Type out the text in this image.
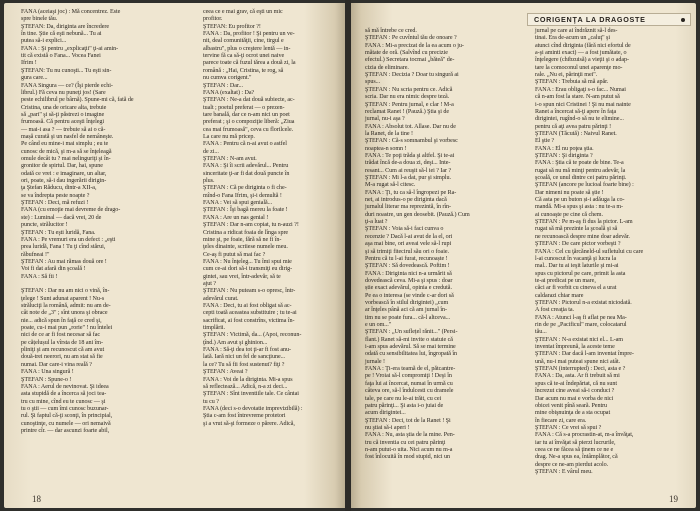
FANA (aceiaşi joc) : Mă concentrez. Este
spre binele tău.
ŞTEFAN: Da, diriginta are încredere
în tine. Ştie că eşti nebună... Tu ai
putea să-i explici...
FANA : Şi pentru „explicaţii" ţi-ai amin-
tit că există o Fana... Vocea Fanei
Ifrim !
ŞTEFAN: Tu nu cunoşti... Tu eşti sin-
gura care...
FANA Singura — ce? (Îşi pierde echi-
librul.) Fă ceva nu puneţi jos! (Sare
peste echilibrul pe bârnă). Spune-mi că, fată de
Cristina, una de oricare alta, trebuie
să „pari" şi să-ţi păstrezi o imagine
frumoasă. Că pentru aceşti înţelegi
— mai-i asa ? — trebuie să ai o că-
mașă curată şi un nasfel de nemâneşte.
Pe când eu mine-i mai simplu ; eu te
cunosc de mică, şi m-a să se înţeleagă
omule decât tu ? mai nelinguriţi şi în-
gronitor de spirtul. Dar, hai, spune
odată ce vrei : e imaginare, un altar,
ori, poate, să-i dau ingerării dirigin-
ţa Ştefan Răducu, dintr-a XII-a,
se va îndrepta peste noapte ?
ŞTEFAN : Deci, mă refuzi !
FANA (cu emoţie mai devreme de drago-
ste) : Luminal — dacă vrei, 20 de
puncte, strălucitor !
ŞTEFAN : Tu eşti luridă, Fana.
FANA : Pe vremuri era un defect : „eşti
prea luridă, Fana ! Tu ţi cînd stărui,
răbufneai !"
ŞTEFAN : Au mai rămas două ore !
Voi fi dat afară din şcoală !
FANA : Să fii !
ŞTEFAN : Dar nu am nici o vină, în-
ţelege ! Sunt adunat aparent ! Nu-s
străluciţi la română, admit: nu am de-
cât note de „3" ; sînt unora şi obrace
nie... adică spun în faţă ce cred şi,
poate, cu-i mai pun „rorie" ! nu întelei
nici de ce ar fi fost necesar să fac
pe cățelușul la vîrsta de 18 ani îm-
pliniţi şi am recunoscut că am avut
două-trei neerori, nu am stat să fie
numai. Dar care-i vina reală ?
FANA : Una singură !
ŞTEFAN : Spune-o !
FANA : Aerul de nevinovat. Şi ideea
asta stupidă de a încerca să joci tea-
tru cu mine, cînd eu te cunosc — şi
tu o ştii — cum îmi cunosc buzunar-
rul. Şi faptul că-ţi sconţi, în principial,
cunoştinţe, cu numele — ori nemaivă
printre cîr. — dar ascunzi foarte abil,
ceea ce e mai grav, că eşti un mic
profitor.
ŞTEFAN: Eu profitor ?!
FANA : Da, profitor ! Şi pentru un ve-
nit, deal comunităţii, cine, tirgul e
albastru", plus o creştere lentă — in-
tervine fă ca să-ţi ocrot unei naive
parece toate că fuzul tărea a două zi, la
română : „Hai, Cristina, te rog, să
nu cumva corigent."
ŞTEFAN : Dar...
FANA (exaltat) : Da?
ŞTEFAN : Ne-a dat două subiecte, ac-
tualt ; poetul preferat — o prezen-
tare banală, dar ce n-am nici un poet
preferat ; şi o compoziţie liberă: „Ziua
cea mai frumoasă", ceva cu florilcele.
La care nu mă pricep.
FANA : Pentru că n-ai avut o astfel
de zi...
ŞTEFAN : N-am avut.
FANA : Şi îi scrii adevărul... Pentru
sinceritate ţi-ar fi dat două puncte în
plus.
ŞTEFAN : Că pe diriginta o fi che-
mînd-o Fana Ifrim, şi-i demultă !
FANA : Vei să spui genială...
ŞTEFAN : Îşi bagă mereu la foate !
FANA : Are un nas genial !
ŞTEFAN : Dar n-am copiat, tu n-auzi ?!
Cristina a ridicat foaia de lînga spre
mine şi, pe foaie, fără să ne fi în-
ţeles dinainte, scriiese numele meu.
Ce-aş fi putut să mai fac ?
FANA : Nu înţeleg... Tu îmi spui mie
cum ce-ai dori să-i transmiţi eu dirig-
gintei, sau vrei, într-adevăr, să te
ajut ?
ŞTEFAN : Nu puteam s-o opresc, într-
adevărul curat.
FANA : Deci, tu ai fost obligat să ac-
cepti toată aceastea substituire ; tu te-ai
sacrificat, ai fost constrîns, victima în-
timplării.
ŞTEFAN : Victimă, da... (Apoi, reconun-
ţînd.) Am avut şi ghinion...
FANA : Să-ţi dea tot ţi-ar fi fost anu-
lată. Iară nici un fel de sancţiune...
la ce? Tu să fii fost sustenut? fiţi ?
ŞTEFAN : Aveai ?
FANA : Voi de la diriginta. Mi-a spus
să reflectează... Adică, n-a zi deci...
ŞTEFAN : Sînt inventiile tale. Ce cântai
tu cu ?
FANA (deci s-o devotatie imprevizibilă) :
Ştia c-am fost întrevreme protetori
şi a vrut să-şi formeze o părere. Adică,
18
CORIGENŢA LA DRAGOSTE
să mă întrebe ce cred.
ŞTEFAN : Pe cuvîntul tău de onoare ?
FANA : Mi-a precizat de la ea acum o ju-
mătate de oră. (Salvînd cu precizie
efectul.) Secretara tocmai „băteă" de-
cizia de eliminare.
ŞTEFAN : Decizia ? Doar tu singură ai
spus...
ŞTEFAN : Nu scria pentru ce. Adică
scria. Dar nu era nimic despre tezã.
ŞTEFAN : Pentru jurnal, e clar ! M-a
reclamat Ranet ! (Pauză.) Ştia şi de
jurnal, nu-i aşa ?
FANA : Absolut tot. Allase. Dar nu de
la Ranet, de la tine !
ŞTEFAN : Că-s somnambul şi vorbesc
noaptea-n somn !
FANA : Te poţi trăda şi altfel. Şi te-ai
trădat încă de-a doua zi, deşi... Inte-
resant... Cum ai reuşit să-l iei ? Iar ?
ŞTEFAN : Mi l-a dat, pur şi simplu.
M-a rugat să-l citesc.
FANA : Ţi, tu ca să-l îngropezi pe Ra-
net, ai introdus-o pe diriginta dacă
jurnalul literar ma reprezintă, în rîn-
duri noastre, un gen deosebit. (Pauză.) Cum
ţi-a luat ?
ŞTEFAN : Voia să-i faci cunva o
recenzie ? Dacă l-ai avut de la el, ori
aşa mai bine, ori aveai vele să-l rupi
şi să trimiţi fitecirul său ori o foaie.
Pentru că tu l-ai furat, recunoaște !
ŞTEFAN : Să dovedească. Poftim !
FANA : Diriginta nici n-a urmărit să
dovedească ceva. Mi-a şi spus : doar
știe exact adevărul, opinia e credută.
Pe ea o interesa (se vinde c-ar dori să
vorbească în stilul dirigintei) „cum
ar înţeles până aci că am jurnal în-
tim nu se poate fura... că-l altceva...
e un om..."
ŞTEFAN : „Un suflețel rănit..." (Persi-
flant.) Ranet să-mi invite o statuie că
i-am spus adevărul. Să se mai termine
odată cu sensibilitatea lui, îngropată în
jurnale !
FANA : Ţi-era teamă de el, pătcantre-
pe ! Vroiai să-l compromiţi ! Deşi în
faţa lui ai încercat, numai în urmă cu
câteva ore, să-l îndulcesti cu dramele
tale, pe care nu le-ai trăit, cu cei
patru părinţi... Şi asta i-o juiai de
acum dirigintei...
ŞTEFAN : Deci, tot de la Ranet ! Şi
nu ştiai să-i aperi !
FANA : Nu, asta ştia de la mine. Pen-
tru că inventia cu cei patru părinţi
n-am putut-o uita. Nici acum nu m-a
fost înlocuită în mod stupid, nici un
jurnal pe care ai îndrăznit să-l des-
tinai. Era de-acum un „caluţ" şi
atunci cînd diriginta (fără nici efortul de
a-şi aminti exact) — a fost jumătate, o
înţelegere (chibzuisă) a vieţii şi o adap-
tare la comoconul unei aparenţe mo-
rale. „Nu ei, părinţii mei".
ŞTEFAN : Trebuia să mă apăr.
FANA : Erau obligaţi s-o fac... Numai
că n-am fost la stare. N-am putut să
i-o spun nici Cristinei ! Şi nu mai nainte
Ranet a încercat să-ţi apere în faţa
dirigintei, rugînd-o să nu te elimine...
pentru că aţi avea patru părinţi !
ŞTEFAN (Tăcută) : Naivul Ranet.
El ştie ?
FANA : El nu poţea ştia.
ŞTEFAN : Şi diriginta ?
FANA : Ştia că te poate de bine. Te-a
rugat să nu mă minţi pentru adevăr, la
şcoală, ce unul dintre cei patru părinţi.
ŞTEFAN (ancore pe lucioal foarte bine) :
Dar nimeni nu poate să ştie !
Că asta pe un buton și-i adăuga la co-
mandă. Mi-a spus şi asta : nu te-a m-
ai cunoaşte pe cine că chem.
ŞTEFAN : Pe m-aş fi dus la pictor. L-am
rugat să mă prezinte la şcoală şi să
ne recunoască despre mine doar adevăr.
ŞTEFAN : De care pictor vorbeşti ?
FANA : Cel cu ţărcăneld-ul sufletului cu care
l-ai cunoscut în vacanţă şi lucra la
mal.. Dar tu ai ieşit laturile şi mi-ai
spus cu pictorul pe care, primit la asta
te-ai predicat pe un mare,
căci ar fi vorbit cu cineva el a urat
caldarazi chiar mare
ŞTEFAN : Pictorul n-a existat niciodată.
A fost creaţia ta.
FANA : Atunci l-aş fi aflat pe nea Ma-
rin de pe „Pacificul" mare, colocatarul
tău...
ŞTEFAN : N-a existat nici el... L-am
inventat împreună, la aceste teme
ŞTEFAN : Dar dacă l-am inventat împre-
ună, nu-i mai puteai spune nici atât.
ŞTEFAN (interrupted) : Deci, asta e ?
FANA : Da, asta. Ar fi trebuit să mi
spus că te-ai îndepărtat, că nu sunt
încrezut cine aveai să-i conduci ?
Dar acum nu mai e vorba de nici
obicei venit pînă seară. Pentru
mine obişnuinţa de a sta ocupat
în fiecare zi, care era.
ŞTEFAN : Ce vrei să spui ?
FANA : Că s-a procrastin-at, m-a învăţat,
iar tu ai învăţat să pierzi lucrurile,
ceea ce ne făcea să ţinem ce ne e
drag. Ne-a spus ea, întâmplător, că
despre ce ne-am pierdut acolo.
ŞTEFAN : E vârul meu.
19
